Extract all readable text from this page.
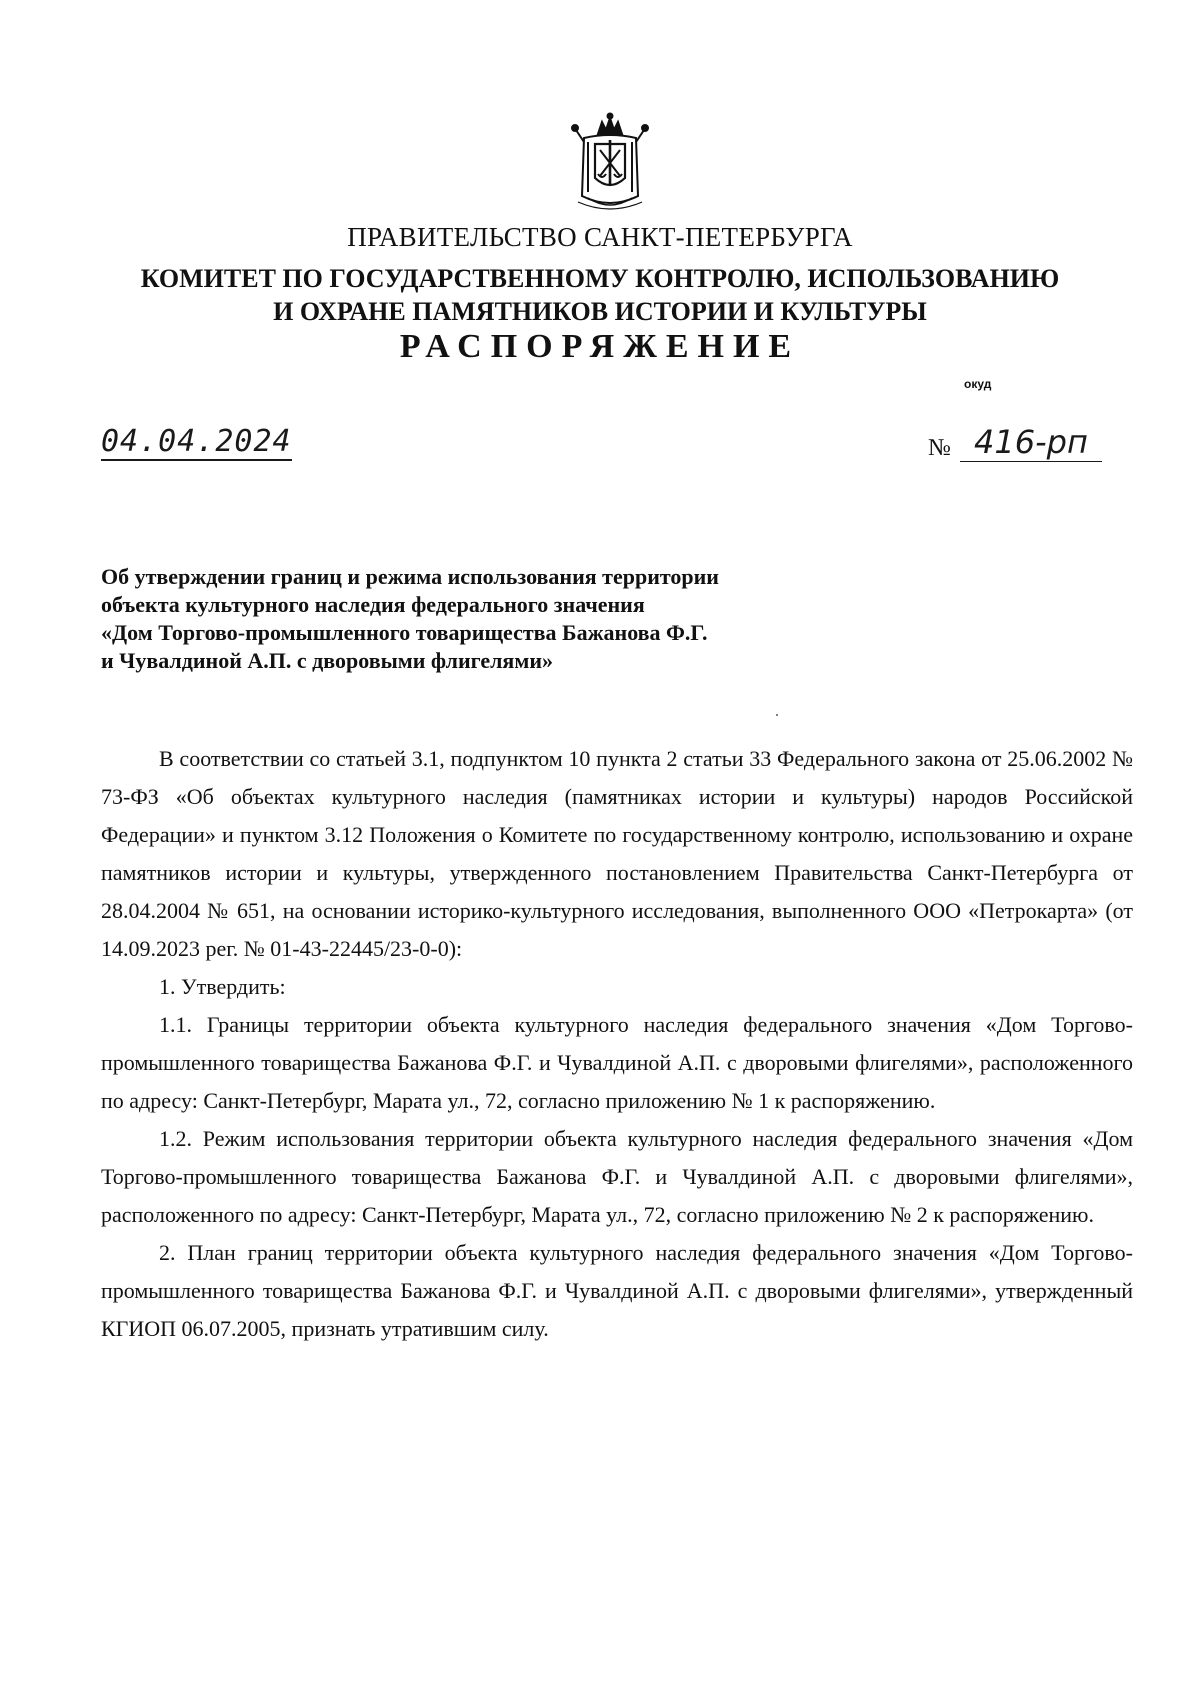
ПРАВИТЕЛЬСТВО САНКТ-ПЕТЕРБУРГА
КОМИТЕТ ПО ГОСУДАРСТВЕННОМУ КОНТРОЛЮ, ИСПОЛЬЗОВАНИЮ
И ОХРАНЕ ПАМЯТНИКОВ ИСТОРИИ И КУЛЬТУРЫ
РАСПОРЯЖЕНИЕ
окуд
04.04.2024	№ 416-рп
Об утверждении границ и режима использования территории
объекта культурного наследия федерального значения
«Дом Торгово-промышленного товарищества Бажанова Ф.Г.
и Чувалдиной А.П. с дворовыми флигелями»

В соответствии со статьей 3.1, подпунктом 10 пункта 2 статьи 33 Федерального закона от 25.06.2002 № 73-ФЗ «Об объектах культурного наследия (памятниках истории и культуры) народов Российской Федерации» и пунктом 3.12 Положения о Комитете по государственному контролю, использованию и охране памятников истории и культуры, утвержденного постановлением Правительства Санкт-Петербурга от 28.04.2004 № 651, на основании историко-культурного исследования, выполненного ООО «Петрокарта» (от 14.09.2023 рег. № 01-43-22445/23-0-0):

1. Утвердить:

1.1. Границы территории объекта культурного наследия федерального значения «Дом Торгово-промышленного товарищества Бажанова Ф.Г. и Чувалдиной А.П. с дворовыми флигелями», расположенного по адресу: Санкт-Петербург, Марата ул., 72, согласно приложению № 1 к распоряжению.

1.2. Режим использования территории объекта культурного наследия федерального значения «Дом Торгово-промышленного товарищества Бажанова Ф.Г. и Чувалдиной А.П. с дворовыми флигелями», расположенного по адресу: Санкт-Петербург, Марата ул., 72, согласно приложению № 2 к распоряжению.

2. План границ территории объекта культурного наследия федерального значения «Дом Торгово-промышленного товарищества Бажанова Ф.Г. и Чувалдиной А.П. с дворовыми флигелями», утвержденный КГИОП 06.07.2005, признать утратившим силу.
